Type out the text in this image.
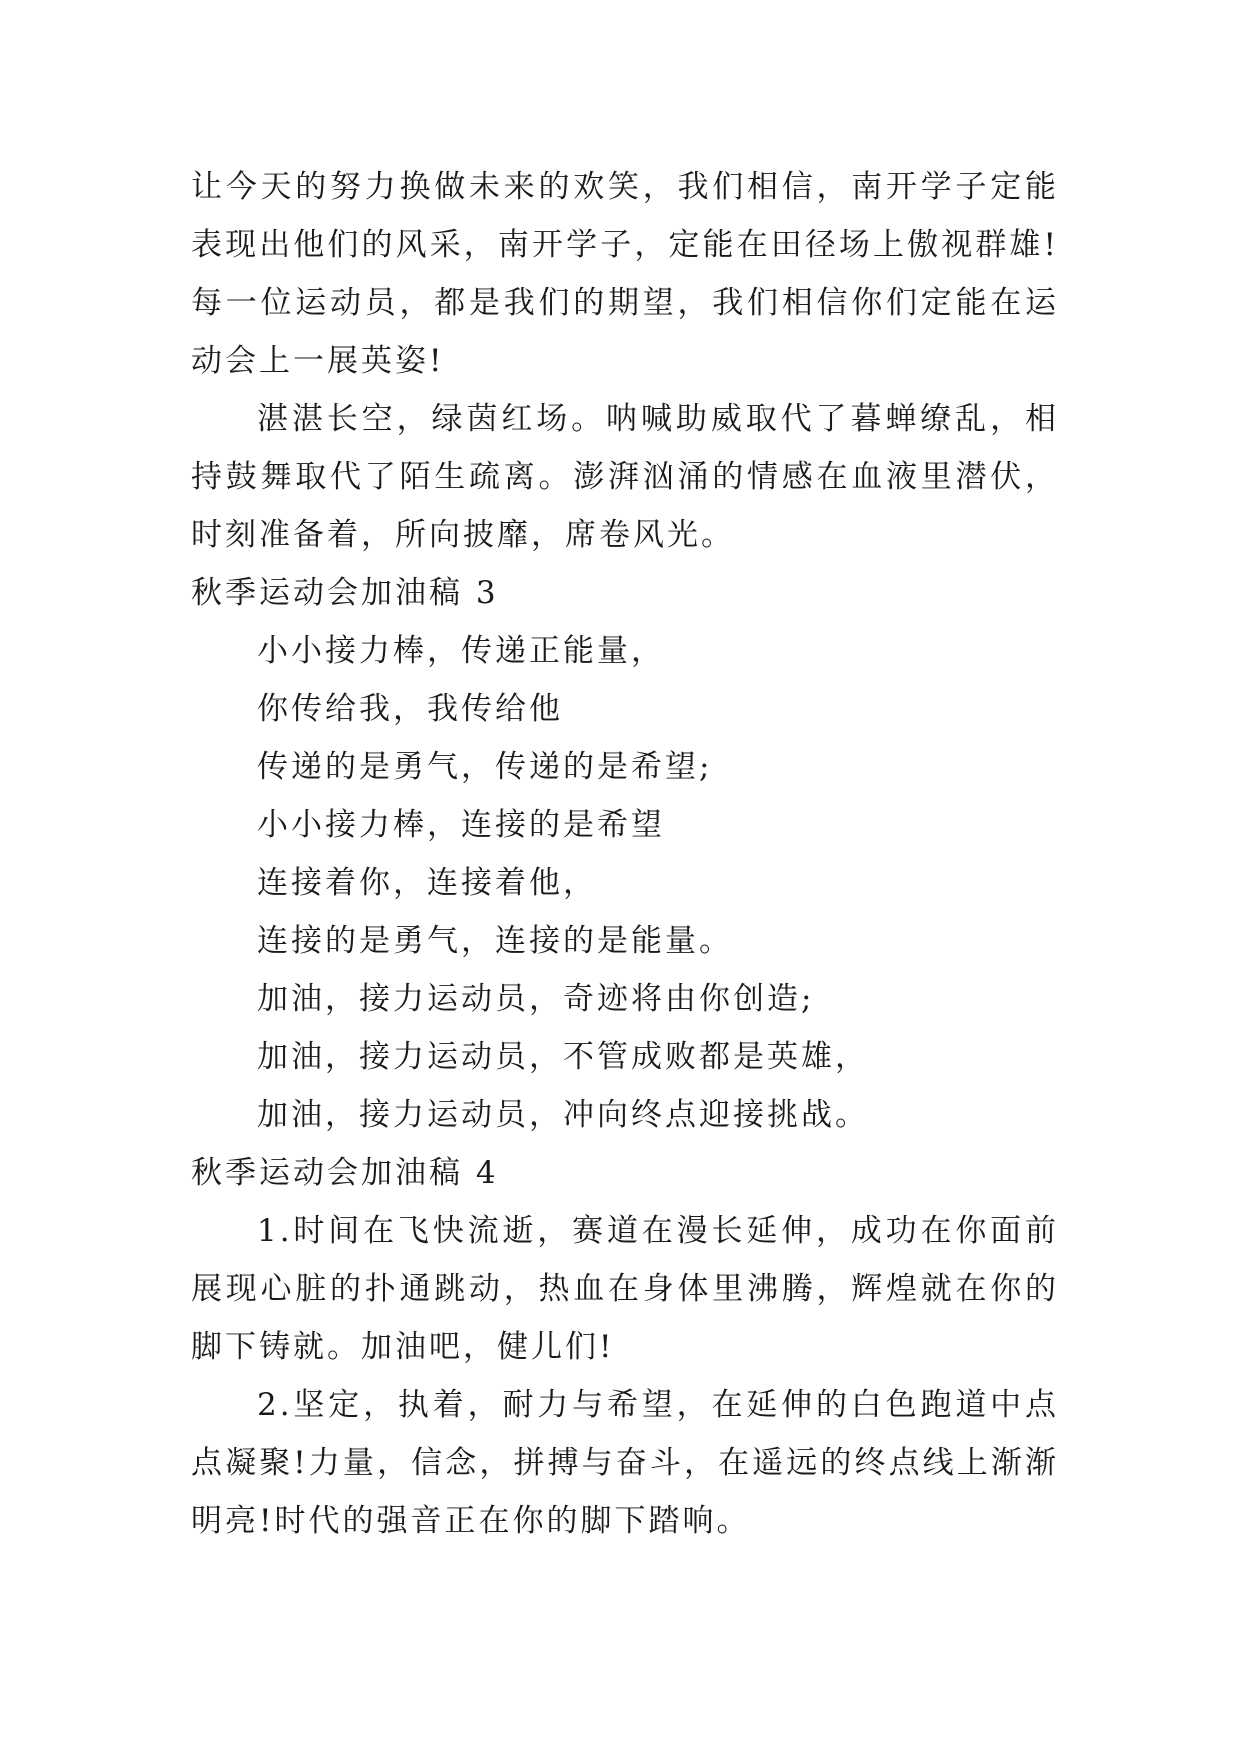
让今天的努力换做未来的欢笑，我们相信，南开学子定能表现出他们的风采，南开学子，定能在田径场上傲视群雄!每一位运动员，都是我们的期望，我们相信你们定能在运动会上一展英姿!

湛湛长空，绿茵红场。呐喊助威取代了暮蝉缭乱，相持鼓舞取代了陌生疏离。澎湃汹涌的情感在血液里潜伏，时刻准备着，所向披靡，席卷风光。

秋季运动会加油稿 3

小小接力棒，传递正能量，

你传给我，我传给他

传递的是勇气，传递的是希望;

小小接力棒，连接的是希望

连接着你，连接着他，

连接的是勇气，连接的是能量。

加油，接力运动员，奇迹将由你创造;

加油，接力运动员，不管成败都是英雄，

加油，接力运动员，冲向终点迎接挑战。

秋季运动会加油稿 4

1.时间在飞快流逝，赛道在漫长延伸，成功在你面前展现心脏的扑通跳动，热血在身体里沸腾，辉煌就在你的脚下铸就。加油吧，健儿们!

2.坚定，执着，耐力与希望，在延伸的白色跑道中点点凝聚!力量，信念，拼搏与奋斗，在遥远的终点线上渐渐明亮!时代的强音正在你的脚下踏响。
